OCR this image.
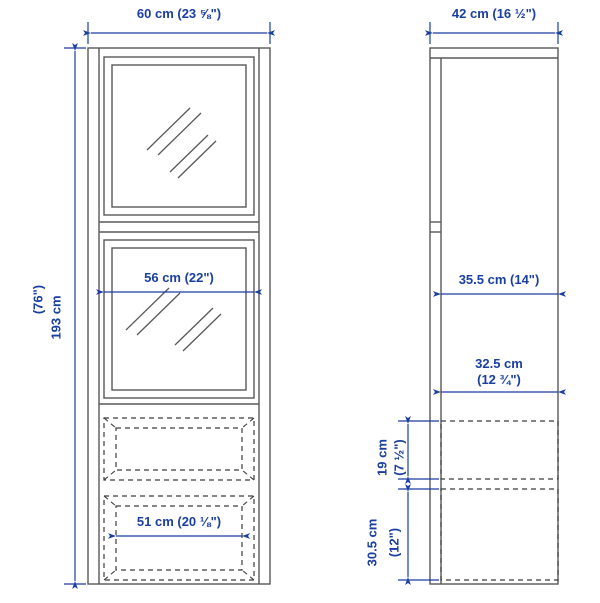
60 cm (23 ⅝")
56 cm (22")
51 cm (20 ⅛")
42 cm (16 ½")
35.5 cm (14")
32.5 cm
(12 ¾")
193 cm
(76")
19 cm (7 ½")
30.5 cm (12")
